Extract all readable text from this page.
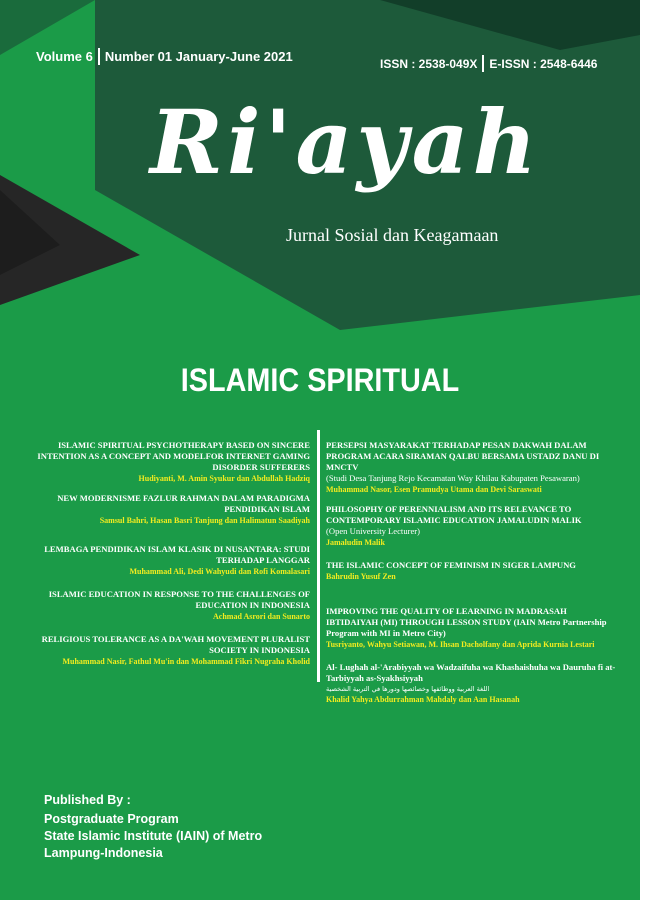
Volume 6 Number 01 January-June 2021	ISSN : 2538-049X E-ISSN : 2548-6446
Ri'ayah
Jurnal Sosial dan Keagamaan
ISLAMIC SPIRITUAL
ISLAMIC SPIRITUAL PSYCHOTHERAPY BASED ON SINCERE INTENTION AS A CONCEPT AND MODELFOR INTERNET GAMING DISORDER SUFFERERS
Hudiyanti, M. Amin Syukur dan Abdullah Hadziq
NEW MODERNISME FAZLUR RAHMAN DALAM PARADIGMA PENDIDIKAN ISLAM
Samsul Bahri, Hasan Basri Tanjung dan Halimatun Saadiyah
LEMBAGA PENDIDIKAN ISLAM KLASIK DI NUSANTARA: STUDI TERHADAP LANGGAR
Muhammad Ali, Dedi Wahyudi dan Rofi Komalasari
ISLAMIC EDUCATION IN RESPONSE TO THE CHALLENGES OF EDUCATION IN INDONESIA
Achmad Asrori dan Sunarto
RELIGIOUS TOLERANCE AS A DA'WAH MOVEMENT PLURALIST SOCIETY IN INDONESIA
Muhammad Nasir, Fathul Mu'in dan Mohammad Fikri Nugraha Kholid
PERSEPSI MASYARAKAT TERHADAP PESAN DAKWAH DALAM PROGRAM ACARA SIRAMAN QALBU BERSAMA USTADZ DANU DI MNCTV
(Studi Desa Tanjung Rejo Kecamatan Way Khilau Kabupaten Pesawaran)
Muhammad Nasor, Esen Pramudya Utama dan Devi Saraswati
PHILOSOPHY OF PERENNIALISM AND ITS RELEVANCE TO CONTEMPORARY ISLAMIC EDUCATION JAMALUDIN MALIK
(Open University Lecturer)
Jamaludin Malik
THE ISLAMIC CONCEPT OF FEMINISM IN SIGER LAMPUNG
Bahrudin Yusuf Zen
IMPROVING THE QUALITY OF LEARNING IN MADRASAH IBTIDAIYAH (MI) THROUGH LESSON STUDY (IAIN Metro Partnership Program with MI in Metro City)
Tusriyanto, Wahyu Setiawan, M. Ihsan Dacholfany dan Aprida Kurnia Lestari
Al- Lughah al-'Arabiyyah wa Wadzaifuha wa Khashaishuha wa Dauruha fi at-Tarbiyyah as-Syakhsiyyah
اللغة العربية ووظائفها وخصائصها ودورها في التربية الشخصية
Khalid Yahya Abdurrahman Mahdaly dan Aan Hasanah
Published By :
Postgraduate Program
State Islamic Institute (IAIN) of Metro
Lampung-Indonesia
